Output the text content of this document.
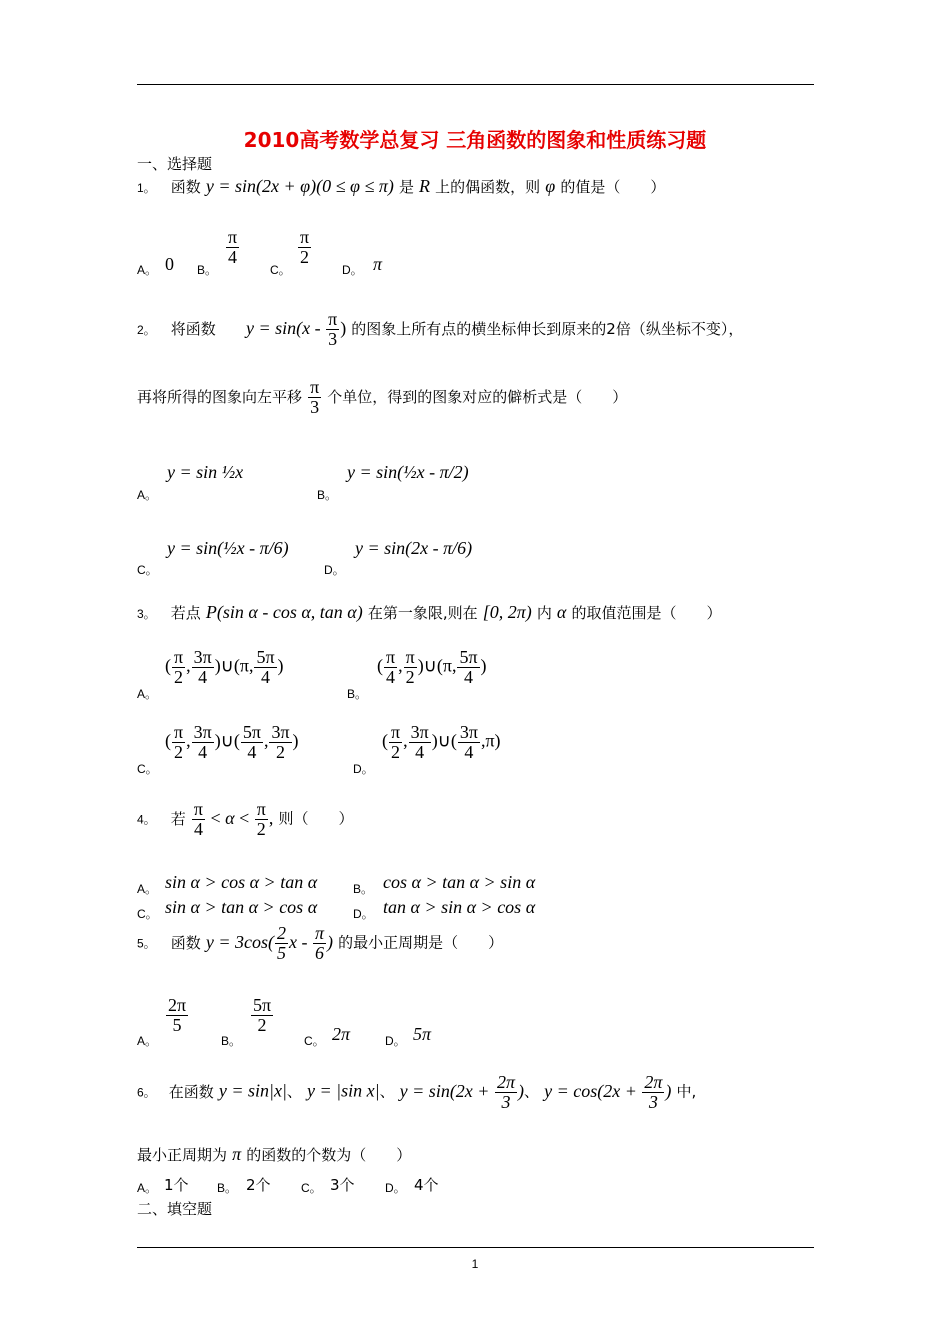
2010高考数学总复习 三角函数的图象和性质练习题
一、选择题
1。 函数 y = sin(2x + φ)(0 ≤ φ ≤ π) 是 R 上的偶函数，则 φ 的值是（　　）
A。 0 B。
$\frac{\pi}{4}$
C。
$\frac{\pi}{2}$
D。 π
2。 将函数 $y = \sin(x - \frac{\pi}{3}$ ) 的图象上所有点的横坐标伸长到原来的2倍（纵坐标不变），
再将所得的图象向左平移 $\frac{\pi}{3}$ 个单位，得到的图象对应的僻析式是（　　）
A。
y = sin ½x
B。
y = sin(½x - π/2)
C。
y = sin(½x - π/6)
D。
y = sin(2x - π/6)
3。 若点 P(sin α - cos α, tan α) 在第一象限,则在 [0, 2π) 内 α 的取值范围是（　　）
A。
( $\frac{\pi}{2}$ , $\frac{3\pi}{4}$ )∪(π, $\frac{5\pi}{4}$ )
B。
( $\frac{\pi}{4}$ , $\frac{\pi}{2}$ )∪(π, $\frac{5\pi}{4}$ )
C。
( $\frac{\pi}{2}$ , $\frac{3\pi}{4}$ )∪( $\frac{5\pi}{4}$ , $\frac{3\pi}{2}$ )
D。
( $\frac{\pi}{2}$ , $\frac{3\pi}{4}$ )∪( $\frac{3\pi}{4} ,\pi$)
4。 若 $\frac{\pi}{4} < \alpha < \frac{\pi}{2}$ , 则（　　）
A。 sin α > cos α > tan α	B。 cos α > tan α > sin α
C。 sin α > tan α > cos α	D。 tan α > sin α > cos α
5。 函数 $y = 3\cos( \frac{2}{5}$ x - $\frac{\pi}{6}$ ) 的最小正周期是（　　）
A。
$\frac{2\pi}{5}$
B。
$\frac{5\pi}{2}$
C。 2π	D。 5π
6。 在函数 y = sin|x|、 y = |sin x|、 $y = \sin(2x + \frac{2\pi}{3}$ )、 $y = \cos(2x + \frac{2\pi}{3}$ ) 中,
最小正周期为 π 的函数的个数为（　　）
A。 1个 B。 2个	C。 3个	D。 4个
二、填空题
1
